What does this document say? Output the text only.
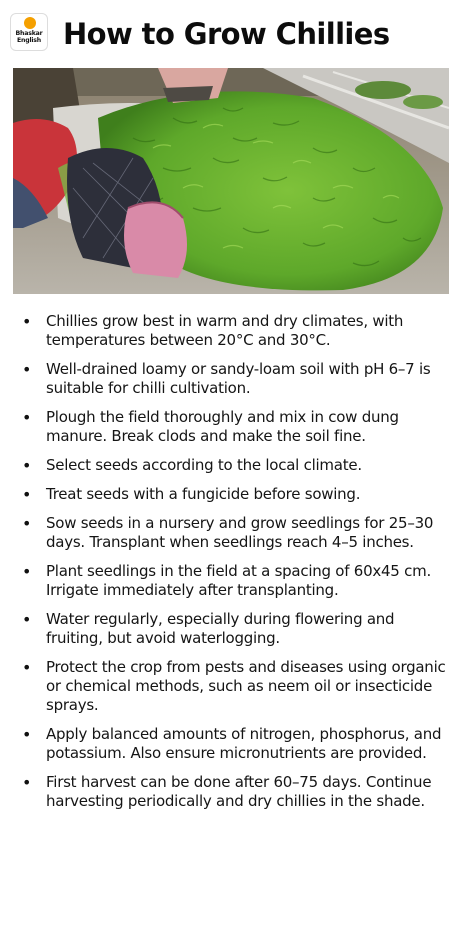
Bhaskar
English How to Grow Chillies
• Chillies grow best in warm and dry climates, with temperatures between 20°C and 30°C.
• Well-drained loamy or sandy-loam soil with pH 6–7 is suitable for chilli cultivation.
• Plough the field thoroughly and mix in cow dung manure. Break clods and make the soil fine.
• Select seeds according to the local climate.
• Treat seeds with a fungicide before sowing.
• Sow seeds in a nursery and grow seedlings for 25–30 days. Transplant when seedlings reach 4–5 inches.
• Plant seedlings in the field at a spacing of 60x45 cm. Irrigate immediately after transplanting.
• Water regularly, especially during flowering and fruiting, but avoid waterlogging.
• Protect the crop from pests and diseases using organic or chemical methods, such as neem oil or insecticide sprays.
• Apply balanced amounts of nitrogen, phosphorus, and potassium. Also ensure micronutrients are provided.
• First harvest can be done after 60–75 days. Continue harvesting periodically and dry chillies in the shade.
